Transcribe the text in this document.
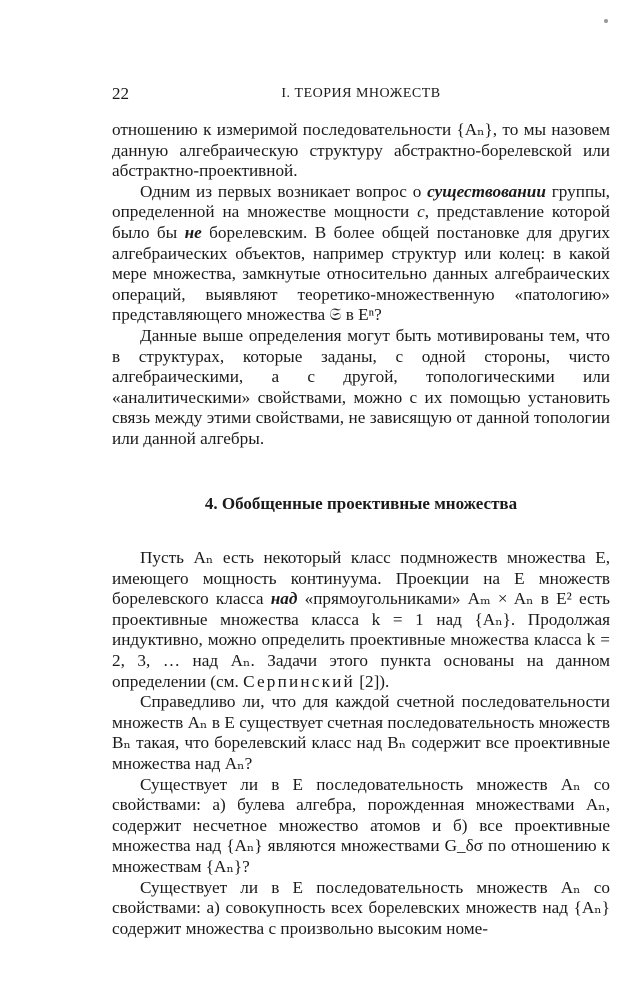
22	I. ТЕОРИЯ МНОЖЕСТВ

отношению к измеримой последовательности {Aₙ}, то мы назовем данную алгебраическую структуру абстрактно-борелевской или абстрактно-проективной.

Одним из первых возникает вопрос о существовании группы, определенной на множестве мощности c, представление которой было бы не борелевским. В более общей постановке для других алгебраических объектов, например структур или колец: в какой мере множества, замкнутые относительно данных алгебраических операций, выявляют теоретико-множественную «патологию» представляющего множества 𝔖 в Eⁿ?

Данные выше определения могут быть мотивированы тем, что в структурах, которые заданы, с одной стороны, чисто алгебраическими, а с другой, топологическими или «аналитическими» свойствами, можно с их помощью установить связь между этими свойствами, не зависящую от данной топологии или данной алгебры.

4. Обобщенные проективные множества

Пусть Aₙ есть некоторый класс подмножеств множества E, имеющего мощность континуума. Проекции на E множеств борелевского класса над «прямоугольниками» Aₘ × Aₙ в E² есть проективные множества класса k = 1 над {Aₙ}. Продолжая индуктивно, можно определить проективные множества класса k = 2, 3, … над Aₙ. Задачи этого пункта основаны на данном определении (см. Серпинский [2]).

Справедливо ли, что для каждой счетной последовательности множеств Aₙ в E существует счетная последовательность множеств Bₙ такая, что борелевский класс над Bₙ содержит все проективные множества над Aₙ?

Существует ли в E последовательность множеств Aₙ со свойствами: а) булева алгебра, порожденная множествами Aₙ, содержит несчетное множество атомов и б) все проективные множества над {Aₙ} являются множествами G_δσ по отношению к множествам {Aₙ}?

Существует ли в E последовательность множеств Aₙ со свойствами: а) совокупность всех борелевских множеств над {Aₙ} содержит множества с произвольно высоким номе-
